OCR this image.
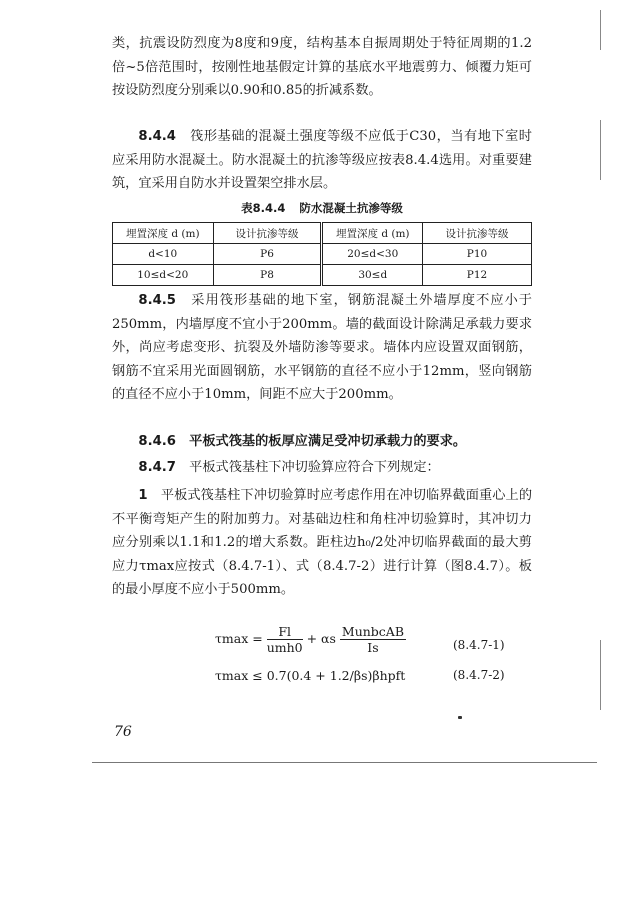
类，抗震设防烈度为8度和9度，结构基本自振周期处于特征周期的1.2倍~5倍范围时，按刚性地基假定计算的基底水平地震剪力、倾覆力矩可按设防烈度分别乘以0.90和0.85的折减系数。

8.4.4　 筏形基础的混凝土强度等级不应低于C30，当有地下室时应采用防水混凝土。防水混凝土的抗渗等级应按表8.4.4选用。对重要建筑，宜采用自防水并设置架空排水层。

表8.4.4 防水混凝土抗渗等级
埋置深度 d (m)	设计抗渗等级	埋置深度 d (m)	设计抗渗等级
d<10	P6	20≤d<30	P10
10≤d<20	P8	30≤d	P12

8.4.5　 采用筏形基础的地下室，钢筋混凝土外墙厚度不应小于250mm，内墙厚度不宜小于200mm。墙的截面设计除满足承载力要求外，尚应考虑变形、抗裂及外墙防渗等要求。墙体内应设置双面钢筋，钢筋不宜采用光面圆钢筋，水平钢筋的直径不应小于12mm，竖向钢筋的直径不应小于10mm，间距不应大于200mm。

8.4.6　 平板式筏基的板厚应满足受冲切承载力的要求。

8.4.7　 平板式筏基柱下冲切验算应符合下列规定：

1　 平板式筏基柱下冲切验算时应考虑作用在冲切临界截面重心上的不平衡弯矩产生的附加剪力。对基础边柱和角柱冲切验算时，其冲切力应分别乘以1.1和1.2的增大系数。距柱边h₀/2处冲切临界截面的最大剪应力τmax应按式（8.4.7-1）、式（8.4.7-2）进行计算（图8.4.7）。板的最小厚度不应小于500mm。

$\tau\max = \frac{Fl}{\text{umh0}} + \alpha s \frac{\text{MunbcAB}}{Is}$	(8.4.7-1)
τmax ≤ 0.7(0.4 + 1.2/βs)βhpft	(8.4.7-2)
76
